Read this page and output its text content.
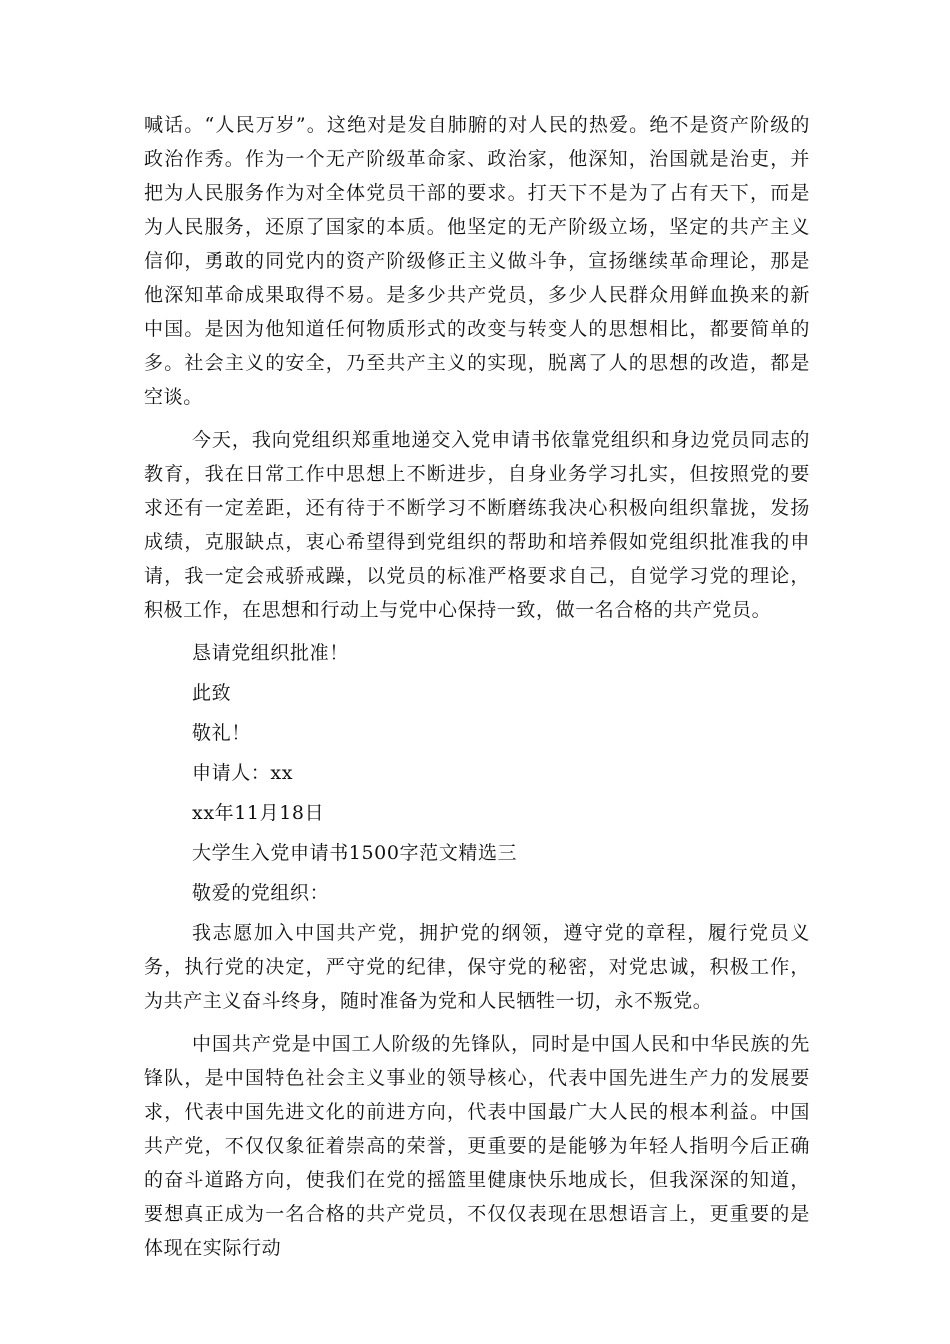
喊话。“人民万岁”。这绝对是发自肺腑的对人民的热爱。绝不是资产阶级的政治作秀。作为一个无产阶级革命家、政治家，他深知，治国就是治吏，并把为人民服务作为对全体党员干部的要求。打天下不是为了占有天下，而是为人民服务，还原了国家的本质。他坚定的无产阶级立场，坚定的共产主义信仰，勇敢的同党内的资产阶级修正主义做斗争，宣扬继续革命理论，那是他深知革命成果取得不易。是多少共产党员，多少人民群众用鲜血换来的新中国。是因为他知道任何物质形式的改变与转变人的思想相比，都要简单的多。社会主义的安全，乃至共产主义的实现，脱离了人的思想的改造，都是空谈。

今天，我向党组织郑重地递交入党申请书依靠党组织和身边党员同志的教育，我在日常工作中思想上不断进步，自身业务学习扎实，但按照党的要求还有一定差距，还有待于不断学习不断磨练我决心积极向组织靠拢，发扬成绩，克服缺点，衷心希望得到党组织的帮助和培养假如党组织批准我的申请，我一定会戒骄戒躁，以党员的标准严格要求自己，自觉学习党的理论，积极工作，在思想和行动上与党中心保持一致，做一名合格的共产党员。

恳请党组织批准！
此致
敬礼！
申请人：xx
xx年11月18日
大学生入党申请书1500字范文精选三
敬爱的党组织：

我志愿加入中国共产党，拥护党的纲领，遵守党的章程，履行党员义务，执行党的决定，严守党的纪律，保守党的秘密，对党忠诚，积极工作，为共产主义奋斗终身，随时准备为党和人民牺牲一切，永不叛党。

中国共产党是中国工人阶级的先锋队，同时是中国人民和中华民族的先锋队，是中国特色社会主义事业的领导核心，代表中国先进生产力的发展要求，代表中国先进文化的前进方向，代表中国最广大人民的根本利益。中国共产党，不仅仅象征着崇高的荣誉，更重要的是能够为年轻人指明今后正确的奋斗道路方向，使我们在党的摇篮里健康快乐地成长，但我深深的知道，要想真正成为一名合格的共产党员，不仅仅表现在思想语言上，更重要的是体现在实际行动
